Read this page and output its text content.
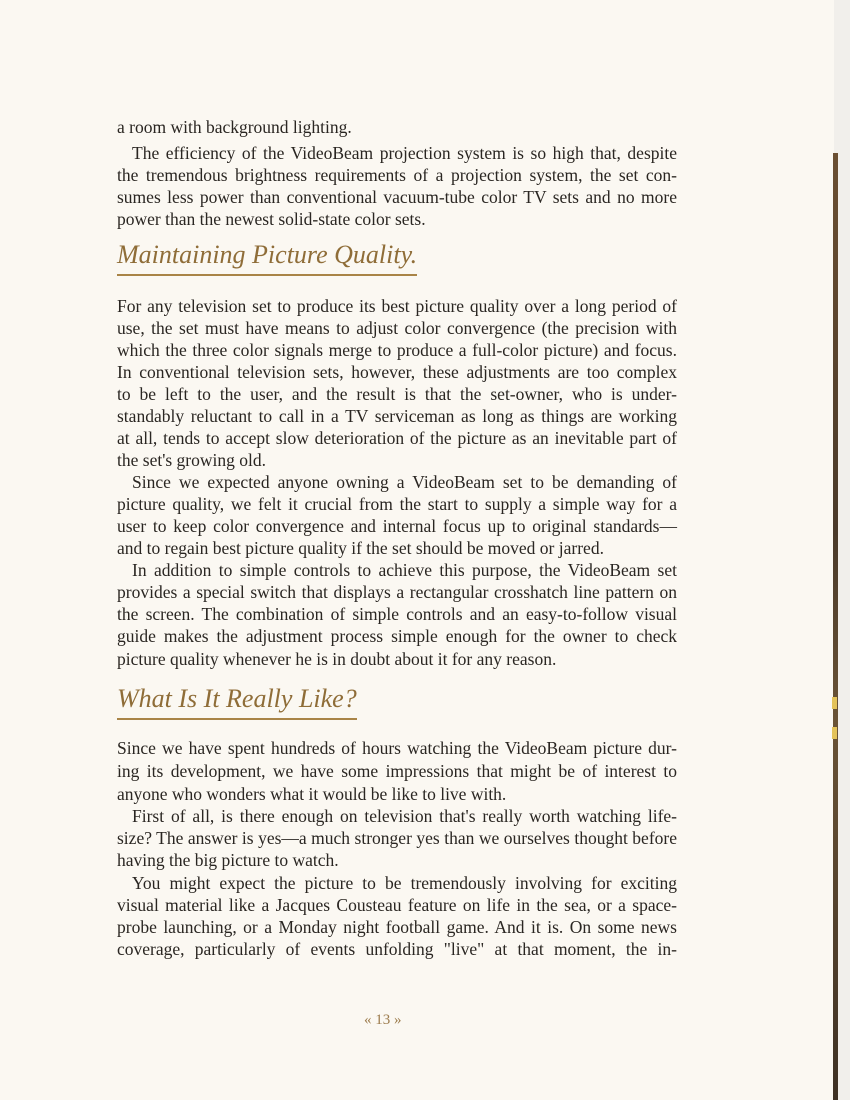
a room with background lighting.
The efficiency of the VideoBeam projection system is so high that, despite
the tremendous brightness requirements of a projection system, the set con-
sumes less power than conventional vacuum-tube color TV sets and no more
power than the newest solid-state color sets.
Maintaining Picture Quality.
For any television set to produce its best picture quality over a long period of
use, the set must have means to adjust color convergence (the precision with
which the three color signals merge to produce a full-color picture) and focus.
In conventional television sets, however, these adjustments are too complex
to be left to the user, and the result is that the set-owner, who is under-
standably reluctant to call in a TV serviceman as long as things are working
at all, tends to accept slow deterioration of the picture as an inevitable part of
the set's growing old.
Since we expected anyone owning a VideoBeam set to be demanding of
picture quality, we felt it crucial from the start to supply a simple way for a
user to keep color convergence and internal focus up to original standards—
and to regain best picture quality if the set should be moved or jarred.
In addition to simple controls to achieve this purpose, the VideoBeam set
provides a special switch that displays a rectangular crosshatch line pattern on
the screen. The combination of simple controls and an easy-to-follow visual
guide makes the adjustment process simple enough for the owner to check
picture quality whenever he is in doubt about it for any reason.
What Is It Really Like?
Since we have spent hundreds of hours watching the VideoBeam picture dur-
ing its development, we have some impressions that might be of interest to
anyone who wonders what it would be like to live with.
First of all, is there enough on television that's really worth watching life-
size? The answer is yes—a much stronger yes than we ourselves thought before
having the big picture to watch.
You might expect the picture to be tremendously involving for exciting
visual material like a Jacques Cousteau feature on life in the sea, or a space-
probe launching, or a Monday night football game. And it is. On some news
coverage, particularly of events unfolding "live" at that moment, the in-
« 13 »
